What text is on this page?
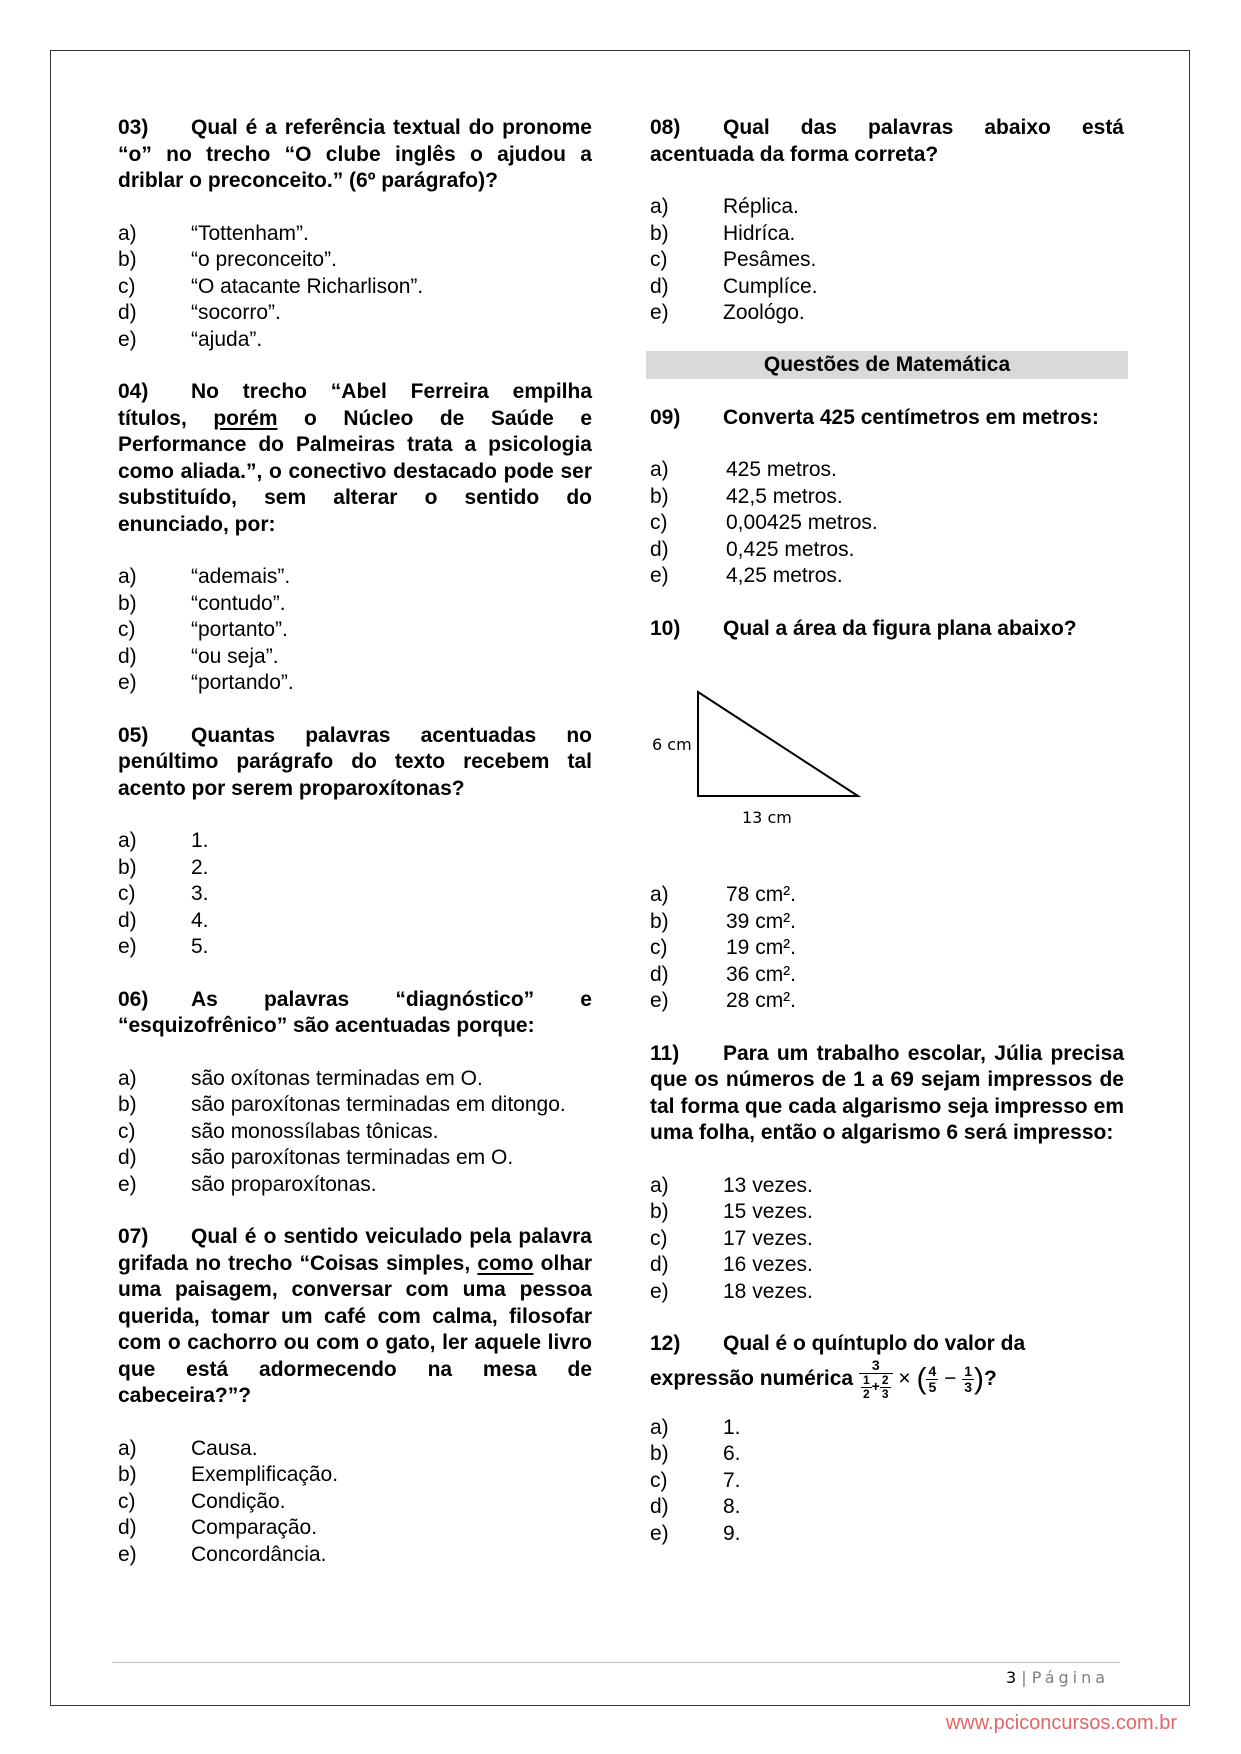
03) Qual é a referência textual do pronome “o” no trecho “O clube inglês o ajudou a driblar o preconceito.” (6º parágrafo)?

a)	“Tottenham”.
b)	“o preconceito”.
c)	“O atacante Richarlison”.
d)	“socorro”.
e)	“ajuda”.

04) No trecho “Abel Ferreira empilha títulos, porém o Núcleo de Saúde e Performance do Palmeiras trata a psicologia como aliada.”, o conectivo destacado pode ser substituído, sem alterar o sentido do enunciado, por:

a)	“ademais”.
b)	“contudo”.
c)	“portanto”.
d)	“ou seja”.
e)	“portando”.

05) Quantas palavras acentuadas no penúltimo parágrafo do texto recebem tal acento por serem proparoxítonas?

a)	1.
b)	2.
c)	3.
d)	4.
e)	5.

06) As palavras “diagnóstico” e “esquizofrênico” são acentuadas porque:

a)	são oxítonas terminadas em O.
b)	são paroxítonas terminadas em ditongo.
c)	são monossílabas tônicas.
d)	são paroxítonas terminadas em O.
e)	são proparoxítonas.

07) Qual é o sentido veiculado pela palavra grifada no trecho “Coisas simples, como olhar uma paisagem, conversar com uma pessoa querida, tomar um café com calma, filosofar com o cachorro ou com o gato, ler aquele livro que está adormecendo na mesa de cabeceira?”?

a)	Causa.
b)	Exemplificação.
c)	Condição.
d)	Comparação.
e)	Concordância.

08) Qual das palavras abaixo está acentuada da forma correta?

a)	Réplica.
b)	Hidríca.
c)	Pesâmes.
d)	Cumplíce.
e)	Zoológo.
Questões de Matemática

09) Converta 425 centímetros em metros:

a)	425 metros.
b)	42,5 metros.
c)	0,00425 metros.
d)	0,425 metros.
e)	4,25 metros.

10) Qual a área da figura plana abaixo?

6 cm
13 cm
a)	78 cm².
b)	39 cm².
c)	19 cm².
d)	36 cm².
e)	28 cm².

11) Para um trabalho escolar, Júlia precisa que os números de 1 a 69 sejam impressos de tal forma que cada algarismo seja impresso em uma folha, então o algarismo 6 será impresso:

a)	13 vezes.
b)	15 vezes.
c)	17 vezes.
d)	16 vezes.
e)	18 vezes.

12) Qual é o quíntuplo do valor da
expressão numérica $\frac{3}{\frac{1}{2} + \frac{2}{3}}$ × ( $\frac{4}{5} - \frac{1}{3}$ )?

a)	1.
b)	6.
c)	7.
d)	8.
e)	9.
3 | Página
www.pciconcursos.com.br
